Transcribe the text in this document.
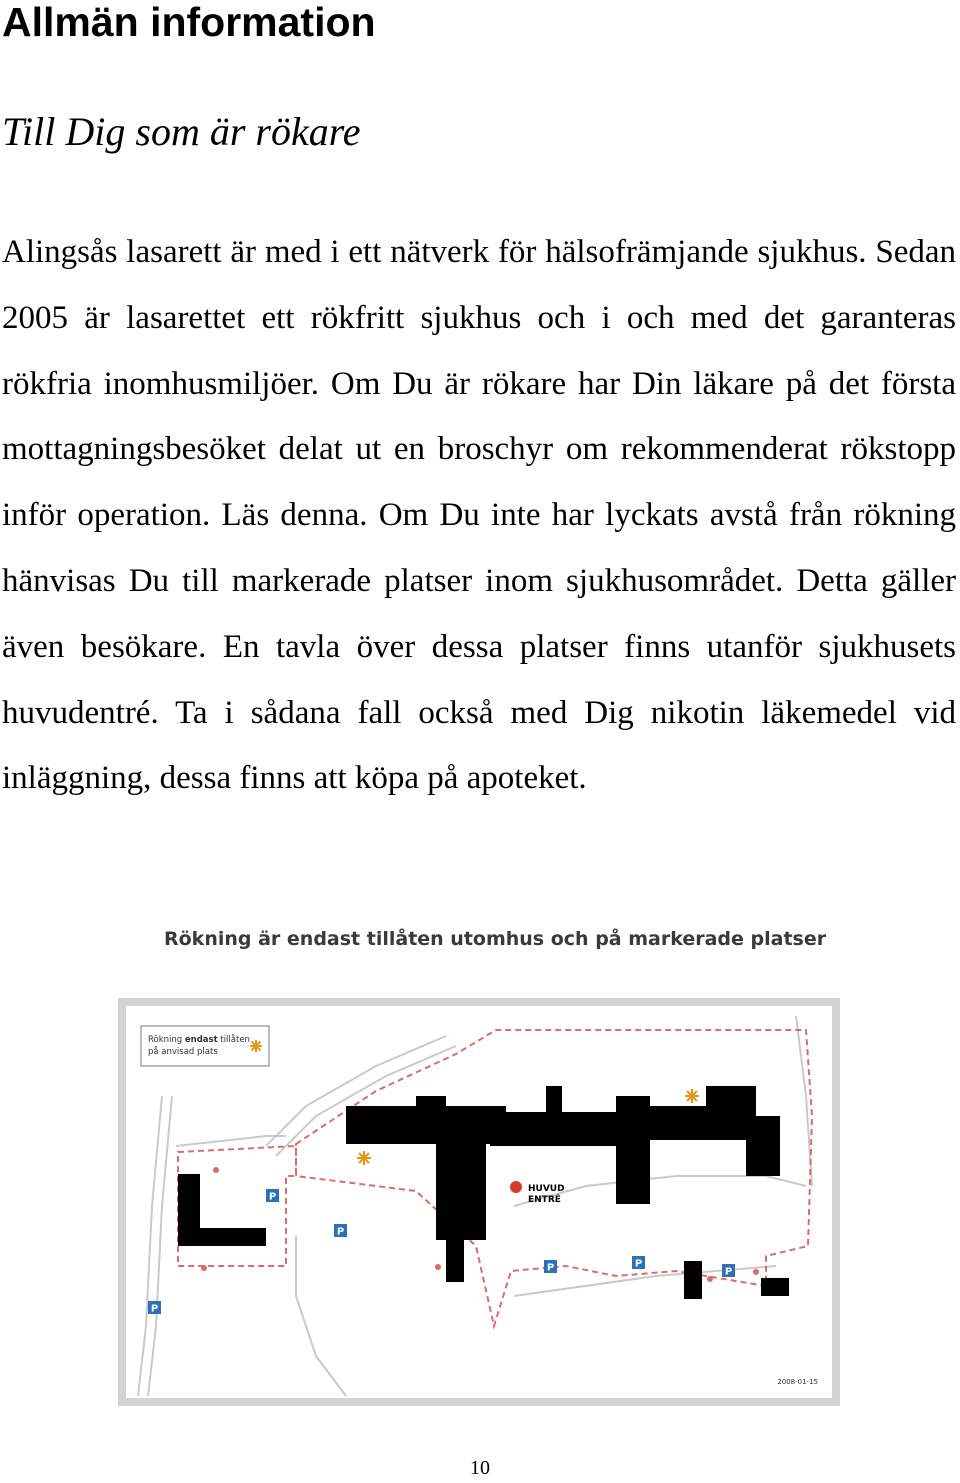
Allmän information
Till Dig som är rökare

Alingsås lasarett är med i ett nätverk för hälsofrämjande sjukhus. Sedan 2005 är lasarettet ett rökfritt sjukhus och i och med det garanteras rökfria inomhusmiljöer. Om Du är rökare har Din läkare på det första mottagningsbesöket delat ut en broschyr om rekommenderat rökstopp inför operation. Läs denna. Om Du inte har lyckats avstå från rökning hänvisas Du till markerade platser inom sjukhusområdet. Detta gäller även besökare. En tavla över dessa platser finns utanför sjukhusets huvudentré. Ta i sådana fall också med Dig nikotin läkemedel vid inläggning, dessa finns att köpa på apoteket.

Rökning är endast tillåten utomhus och på markerade platser

Rökning endast tillåten
på anvisad plats
HUVUD
ENTRÉ
P
P
P
P	P
P
2008-01-15

10
